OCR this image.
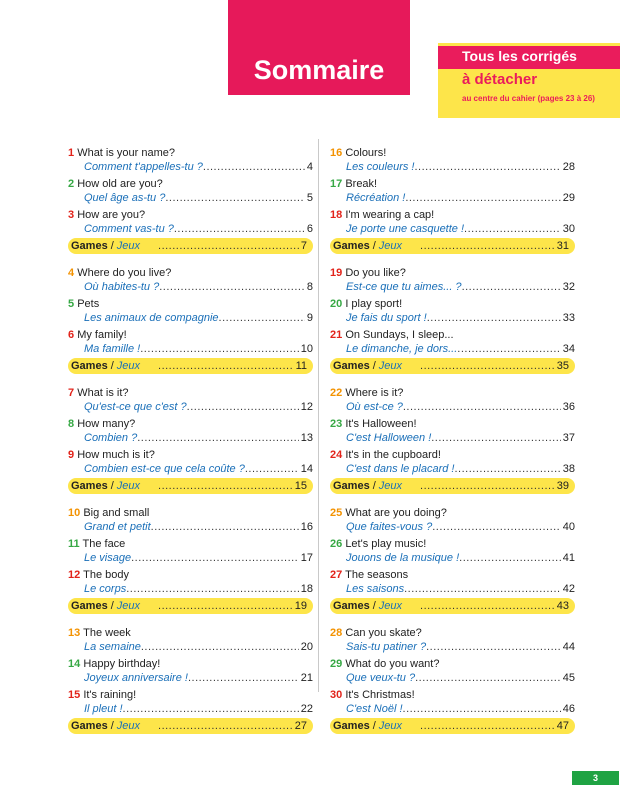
Sommaire	Tous les corrigés
à détacher
au centre du cahier (pages 23 à 26)
1 What is your name?
Comment t'appelles-tu ? .....	4
2 How old are you?
Quel âge as-tu ? .....	5
3 How are you?
Comment vas-tu ? .....	6
Games / Jeux .....	7
4 Where do you live?
Où habites-tu ? .....	8
5 Pets
Les animaux de compagnie .....	9
6 My family!
Ma famille ! .....	10
Games / Jeux .....	11
7 What is it?
Qu'est-ce que c'est ? .....	12
8 How many?
Combien ? .....	13
9 How much is it?
Combien est-ce que cela coûte ? .....	14
Games / Jeux .....	15
10 Big and small
Grand et petit .....	16
11 The face
Le visage .....	17
12 The body
Le corps .....	18
Games / Jeux .....	19
13 The week
La semaine .....	20
14 Happy birthday!
Joyeux anniversaire ! .....	21
15 It's raining!
Il pleut ! .....	22
Games / Jeux .....	27
16 Colours!
Les couleurs ! .....	28
17 Break!
Récréation ! .....	29
18 I'm wearing a cap!
Je porte une casquette ! .....	30
Games / Jeux .....	31
19 Do you like?
Est-ce que tu aimes... ? .....	32
20 I play sport!
Je fais du sport ! .....	33
21 On Sundays, I sleep...
Le dimanche, je dors... .....	34
Games / Jeux .....	35
22 Where is it?
Où est-ce ? .....	36
23 It's Halloween!
C'est Halloween ! .....	37
24 It's in the cupboard!
C'est dans le placard ! .....	38
Games / Jeux .....	39
25 What are you doing?
Que faites-vous ? .....	40
26 Let's play music!
Jouons de la musique ! .....	41
27 The seasons
Les saisons .....	42
Games / Jeux .....	43
28 Can you skate?
Sais-tu patiner ? .....	44
29 What do you want?
Que veux-tu ? .....	45
30 It's Christmas!
C'est Noël ! .....	46
Games / Jeux .....	47
3
